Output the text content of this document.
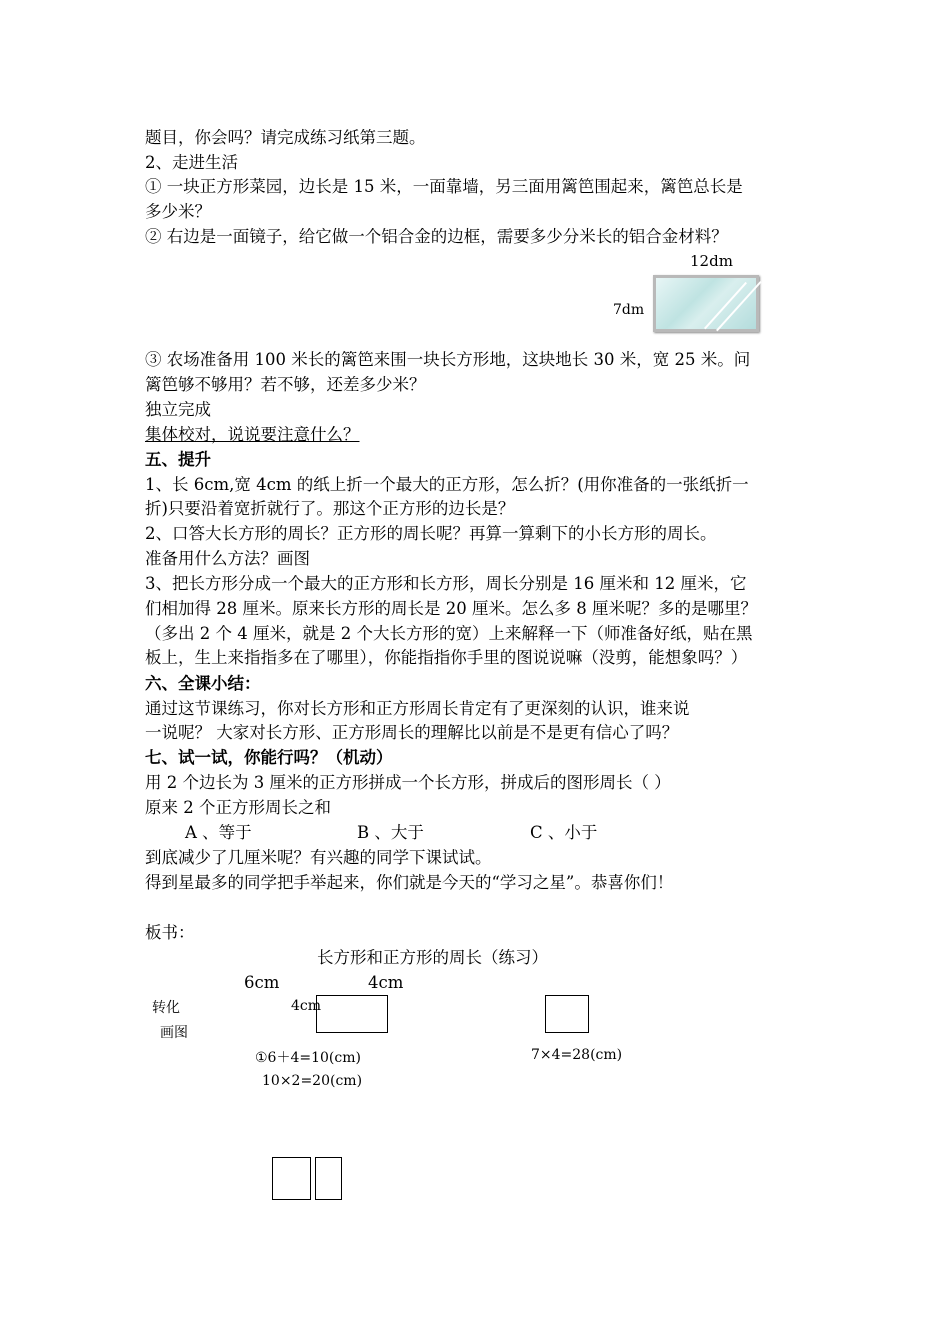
题目，你会吗？请完成练习纸第三题。
2、走进生活
① 一块正方形菜园，边长是 15 米，一面靠墙，另三面用篱笆围起来，篱笆总长是
多少米？
② 右边是一面镜子，给它做一个铝合金的边框，需要多少分米长的铝合金材料？
12dm
7dm
③ 农场准备用 100 米长的篱笆来围一块长方形地，这块地长 30 米，宽 25 米。问
篱笆够不够用？若不够，还差多少米？
独立完成
集体校对，说说要注意什么？
五、提升
1、长 6cm,宽 4cm 的纸上折一个最大的正方形，怎么折？(用你准备的一张纸折一
折)只要沿着宽折就行了。那这个正方形的边长是？
2、口答大长方形的周长？正方形的周长呢？再算一算剩下的小长方形的周长。
准备用什么方法？画图
3、把长方形分成一个最大的正方形和长方形，周长分别是 16 厘米和 12 厘米，它
们相加得 28 厘米。原来长方形的周长是 20 厘米。怎么多 8 厘米呢？多的是哪里？
（多出 2 个 4 厘米，就是 2 个大长方形的宽）上来解释一下（师准备好纸，贴在黑
板上，生上来指指多在了哪里），你能指指你手里的图说说嘛（没剪，能想象吗？）
六、全课小结：
通过这节课练习，你对长方形和正方形周长肯定有了更深刻的认识，谁来说
一说呢？ 大家对长方形、正方形周长的理解比以前是不是更有信心了吗？
七、试一试，你能行吗？（机动）
用 2 个边长为 3 厘米的正方形拼成一个长方形，拼成后的图形周长（ ）
原来 2 个正方形周长之和
A 、等于	B 、大于	C 、小于
到底减少了几厘米呢？有兴趣的同学下课试试。
得到星最多的同学把手举起来，你们就是今天的“学习之星”。恭喜你们！
板书：
长方形和正方形的周长（练习）
6cm	4cm
转化
画图
4cm
①6＋4=10(cm)
10×2=20(cm)
7×4=28(cm)
